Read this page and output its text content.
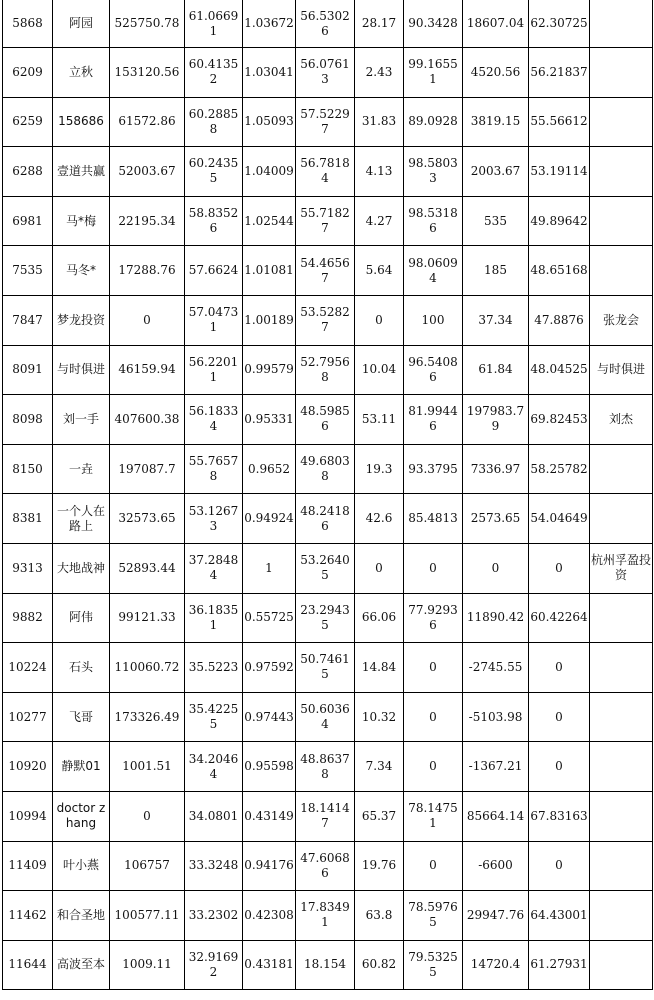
5868	阿园	525750.78	61.06691	1.03672	56.53026	28.17	90.3428	18607.04	62.30725	
6209	立秋	153120.56	60.41352	1.03041	56.07613	2.43	99.16551	4520.56	56.21837	
6259	158686	61572.86	60.28858	1.05093	57.52297	31.83	89.0928	3819.15	55.56612	
6288	壹道共赢	52003.67	60.24355	1.04009	56.78184	4.13	98.58033	2003.67	53.19114	
6981	马*梅	22195.34	58.83526	1.02544	55.71827	4.27	98.53186	535	49.89642	
7535	马冬*	17288.76	57.6624	1.01081	54.46567	5.64	98.06094	185	48.65168	
7847	梦龙投资	0	57.04731	1.00189	53.52827	0	100	37.34	47.8876	张龙会
8091	与时俱进	46159.94	56.22011	0.99579	52.79568	10.04	96.54086	61.84	48.04525	与时俱进
8098	刘一手	407600.38	56.18334	0.95331	48.59856	53.11	81.99446	197983.79	69.82453	刘杰
8150	一垚	197087.7	55.76578	0.9652	49.68038	19.3	93.3795	7336.97	58.25782	
8381	一个人在路上	32573.65	53.12673	0.94924	48.24186	42.6	85.4813	2573.65	54.04649	
9313	大地战神	52893.44	37.28484	1	53.26405	0	0	0	0	杭州孚盈投资
9882	阿伟	99121.33	36.18351	0.55725	23.29435	66.06	77.92936	11890.42	60.42264	
10224	石头	110060.72	35.5223	0.97592	50.74615	14.84	0	-2745.55	0	
10277	飞哥	173326.49	35.42255	0.97443	50.60364	10.32	0	-5103.98	0	
10920	静默01	1001.51	34.20464	0.95598	48.86378	7.34	0	-1367.21	0	
10994	doctor zhang	0	34.0801	0.43149	18.14147	65.37	78.14751	85664.14	67.83163	
11409	叶小燕	106757	33.3248	0.94176	47.60686	19.76	0	-6600	0	
11462	和合圣地	100577.11	33.2302	0.42308	17.83491	63.8	78.59765	29947.76	64.43001	
11644	高波至本	1009.11	32.91692	0.43181	18.154	60.82	79.53255	14720.4	61.27931	
